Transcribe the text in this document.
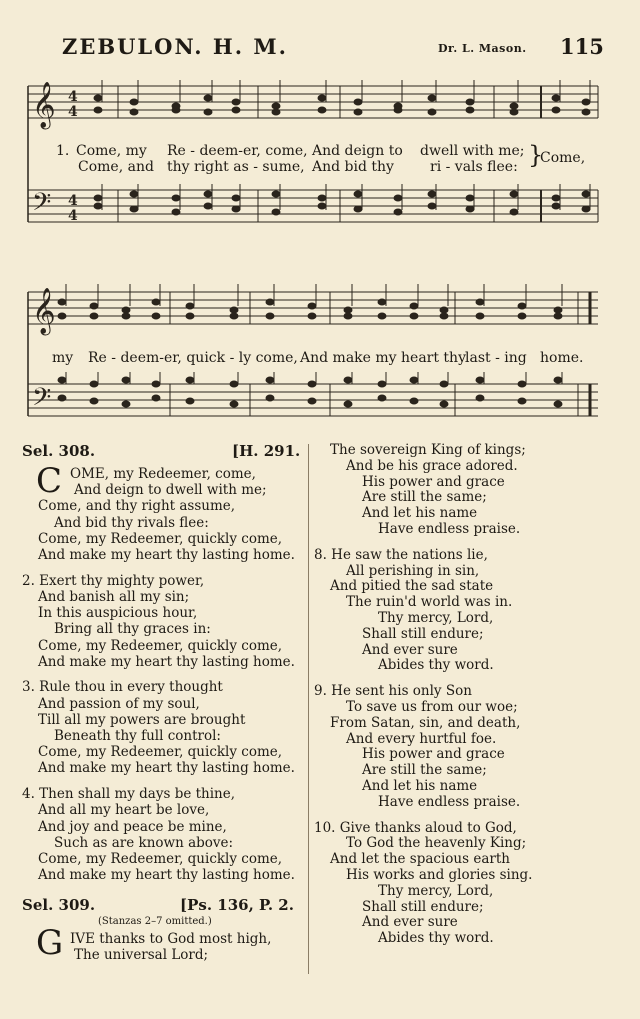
ZEBULON. H. M.	Dr. L. Mason. 115
𝄞
𝄢
4
4
4
4
𝄞
𝄢
1. Come, my Re - deem-er, come, And deign to dwell with me; Come,
Come, and thy right as - sume, And bid thy	ri - vals flee: }
my Re - deem-er, quick - ly come, And make my heart thy last - ing home.
Sel. 308.	[H. 291.
C OME, my Redeemer, come,
And deign to dwell with me;
Come, and thy right assume,
And bid thy rivals flee:
Come, my Redeemer, quickly come,
And make my heart thy lasting home.
2. Exert thy mighty power,
And banish all my sin;
In this auspicious hour,
Bring all thy graces in:
Come, my Redeemer, quickly come,
And make my heart thy lasting home.
3. Rule thou in every thought
And passion of my soul,
Till all my powers are brought
Beneath thy full control:
Come, my Redeemer, quickly come,
And make my heart thy lasting home.
4. Then shall my days be thine,
And all my heart be love,
And joy and peace be mine,
Such as are known above:
Come, my Redeemer, quickly come,
And make my heart thy lasting home.
Sel. 309.	[Ps. 136, P. 2.
(Stanzas 2–7 omitted.)
G IVE thanks to God most high,
The universal Lord;
The sovereign King of kings;
And be his grace adored.
His power and grace
Are still the same;
And let his name
Have endless praise.
8. He saw the nations lie,
All perishing in sin,
And pitied the sad state
The ruin'd world was in.
Thy mercy, Lord,
Shall still endure;
And ever sure
Abides thy word.
9. He sent his only Son
To save us from our woe;
From Satan, sin, and death,
And every hurtful foe.
His power and grace
Are still the same;
And let his name
Have endless praise.
10. Give thanks aloud to God,
To God the heavenly King;
And let the spacious earth
His works and glories sing.
Thy mercy, Lord,
Shall still endure;
And ever sure
Abides thy word.
